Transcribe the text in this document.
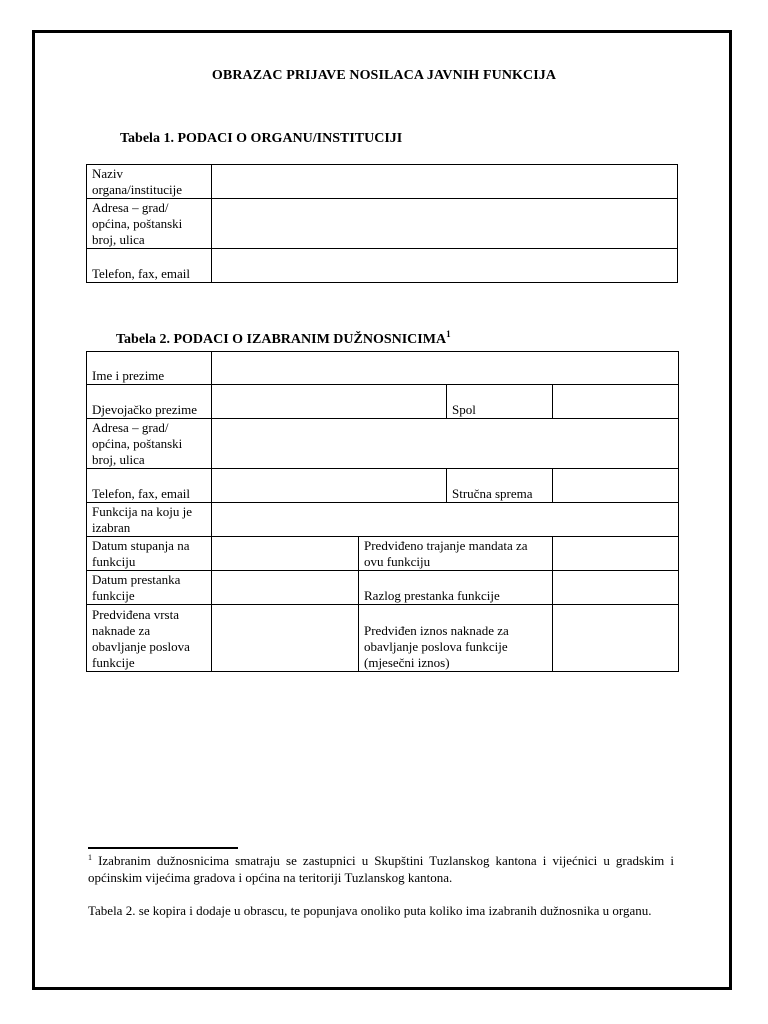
OBRAZAC PRIJAVE NOSILACA JAVNIH FUNKCIJA
Tabela 1. PODACI O ORGANU/INSTITUCIJI
Naziv organa/institucije	
Adresa – grad/ općina, poštanski broj, ulica	
Telefon, fax, email	
Tabela 2. PODACI O IZABRANIM DUŽNOSNICIMA$^1$
Ime i prezime				
Djevojačko prezime			Spol	
Adresa – grad/ općina, poštanski broj, ulica				
Telefon, fax, email			Stručna sprema	
Funkcija na koju je izabran				
Datum stupanja na funkciju		Predviđeno trajanje mandata za ovu funkciju		
Datum prestanka funkcije		Razlog prestanka funkcije		
Predviđena vrsta naknade za obavljanje poslova funkcije		Predviđen iznos naknade za obavljanje poslova funkcije (mjesečni iznos)		
$^1$ Izabranim dužnosnicima smatraju se zastupnici u Skupštini Tuzlanskog kantona i vijećnici u gradskim i općinskim vijećima gradova i općina na teritoriji Tuzlanskog kantona.
Tabela 2. se kopira i dodaje u obrascu, te popunjava onoliko puta koliko ima izabranih dužnosnika u organu.
